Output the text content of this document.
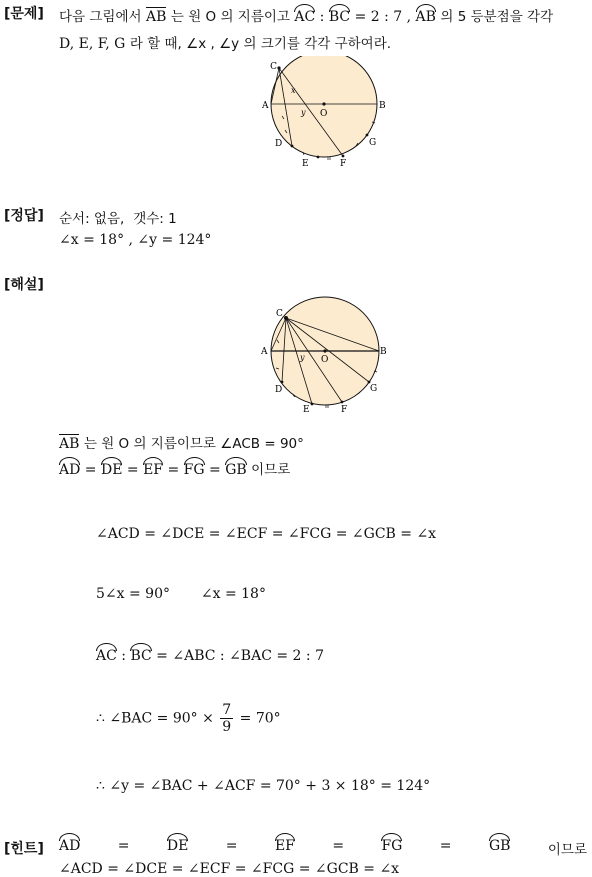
[문제] 다음 그림에서 AB 는 원 O 의 지름이고 AC : BC = 2 : 7 , AB 의 5 등분점을 각각
D, E, F, G 라 할 때, ∠x , ∠y 의 크기를 각각 구하여라.
C
A	B
O
D
E	F
G
x
y
[정답] 순서: 없음, 갯수: 1
∠x = 18° , ∠y = 124°
[해설]
C
A	B
O
D
E	F
G
y
AB 는 원 O 의 지름이므로 ∠ACB = 90°
AD = DE = EF = FG = GB 이므로
∠ACD = ∠DCE = ∠ECF = ∠FCG = ∠GCB = ∠x
5∠x = 90° ∠x = 18°
AC : BC = ∠ABC : ∠BAC = 2 : 7
∴ ∠BAC = $90^\circ \times \frac{7}{9} = 70^\circ$
∴ ∠y = ∠BAC + ∠ACF = 70° + 3 × 18° = 124°
[힌트] AD	=	DE	=	EF	=	FG	=	GB	이므로
∠ACD = ∠DCE = ∠ECF = ∠FCG = ∠GCB = ∠x
